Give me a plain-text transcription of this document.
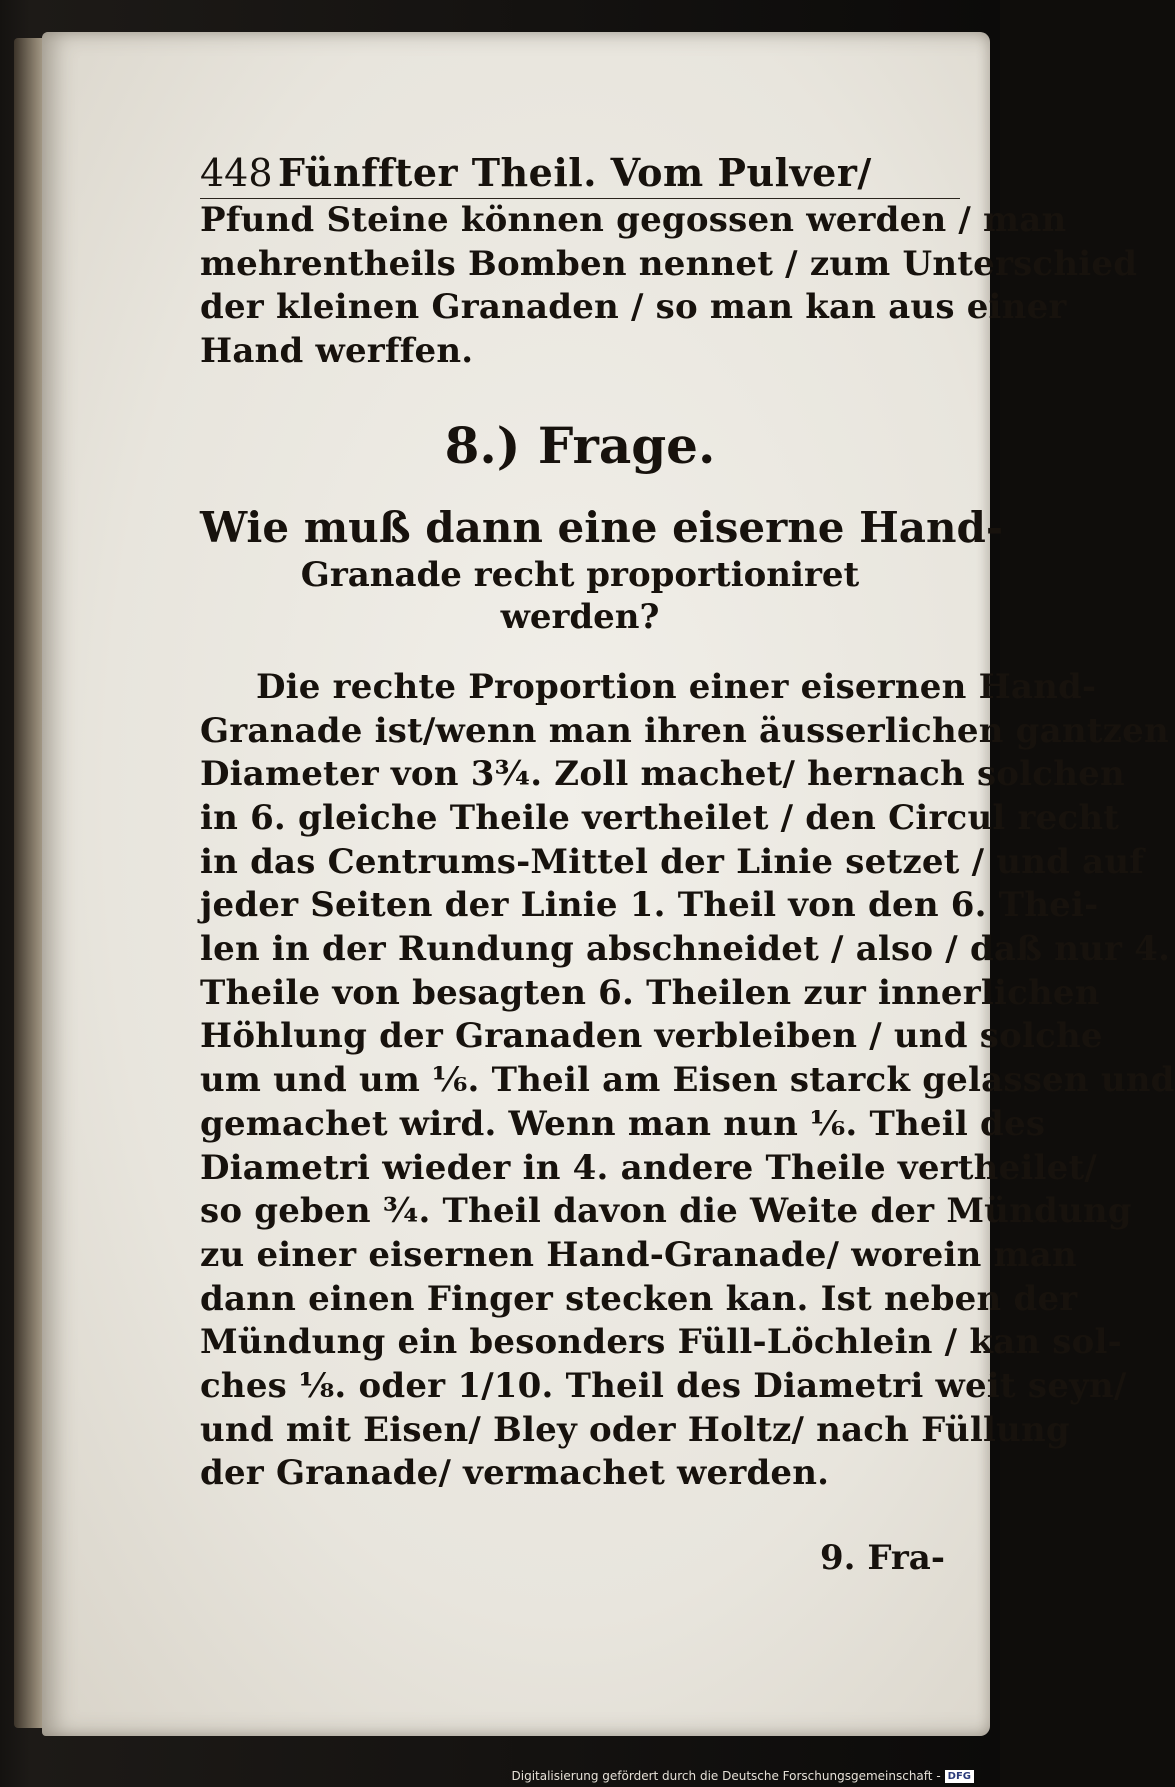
448 Fünffter Theil. Vom Pulver/

Pfund Steine können gegossen werden / man
mehrentheils Bomben nennet / zum Unterschied
der kleinen Granaden / so man kan aus einer
Hand werffen.

8.) Frage.
Wie muß dann eine eiserne Hand-
Granade recht proportioniret
werden?

Die rechte Proportion einer eisernen Hand-
Granade ist/wenn man ihren äusserlichen gantzen
Diameter von 3¾. Zoll machet/ hernach solchen
in 6. gleiche Theile vertheilet / den Circul recht
in das Centrums-Mittel der Linie setzet / und auf
jeder Seiten der Linie 1. Theil von den 6. Thei-
len in der Rundung abschneidet / also / daß nur 4.
Theile von besagten 6. Theilen zur innerlichen
Höhlung der Granaden verbleiben / und solche
um und um ⅙. Theil am Eisen starck gelassen und
gemachet wird. Wenn man nun ⅙. Theil des
Diametri wieder in 4. andere Theile vertheilet/
so geben ¾. Theil davon die Weite der Mündung
zu einer eisernen Hand-Granade/ worein man
dann einen Finger stecken kan. Ist neben der
Mündung ein besonders Füll-Löchlein / kan sol-
ches ⅛. oder 1/10. Theil des Diametri weit seyn/
und mit Eisen/ Bley oder Holtz/ nach Füllung
der Granade/ vermachet werden.

9. Fra-
Digitalisierung gefördert durch die Deutsche Forschungsgemeinschaft - DFG
